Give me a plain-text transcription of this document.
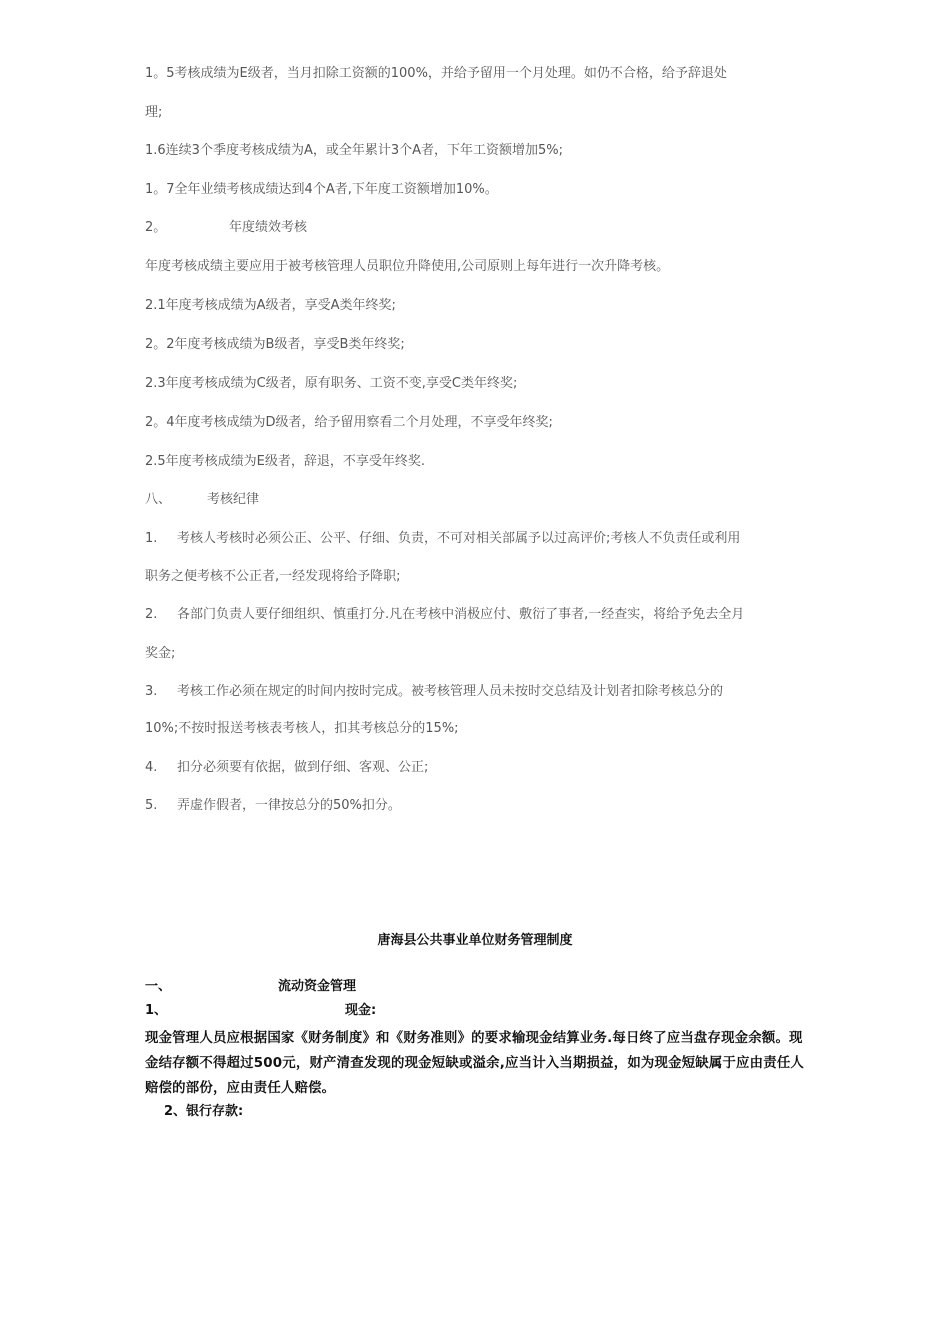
1。5考核成绩为E级者，当月扣除工资额的100%，并给予留用一个月处理。如仍不合格，给予辞退处
理;
1.6连续3个季度考核成绩为A，或全年累计3个A者，下年工资额增加5%;
1。7全年业绩考核成绩达到4个A者,下年度工资额增加10%。
2。	年度绩效考核
年度考核成绩主要应用于被考核管理人员职位升降使用,公司原则上每年进行一次升降考核。
2.1年度考核成绩为A级者，享受A类年终奖;
2。2年度考核成绩为B级者，享受B类年终奖;
2.3年度考核成绩为C级者，原有职务、工资不变,享受C类年终奖;
2。4年度考核成绩为D级者，给予留用察看二个月处理，不享受年终奖;
2.5年度考核成绩为E级者，辞退，不享受年终奖.
八、	考核纪律
1. 考核人考核时必须公正、公平、仔细、负责，不可对相关部属予以过高评价;考核人不负责任或利用
职务之便考核不公正者,一经发现将给予降职;
2. 各部门负责人要仔细组织、慎重打分.凡在考核中消极应付、敷衍了事者,一经查实，将给予免去全月
奖金;
3. 考核工作必须在规定的时间内按时完成。被考核管理人员未按时交总结及计划者扣除考核总分的
10%;不按时报送考核表考核人，扣其考核总分的15%;
4. 扣分必须要有依据，做到仔细、客观、公正;
5. 弄虚作假者，一律按总分的50%扣分。
唐海县公共事业单位财务管理制度
一、	流动资金管理
1、	现金:
现金管理人员应根据国家《财务制度》和《财务准则》的要求输现金结算业务.每日终了应当盘存现金余额。现金结存额不得超过500元，财产清查发现的现金短缺或溢余,应当计入当期损益，如为现金短缺属于应由责任人赔偿的部份，应由责任人赔偿。
2、银行存款:
